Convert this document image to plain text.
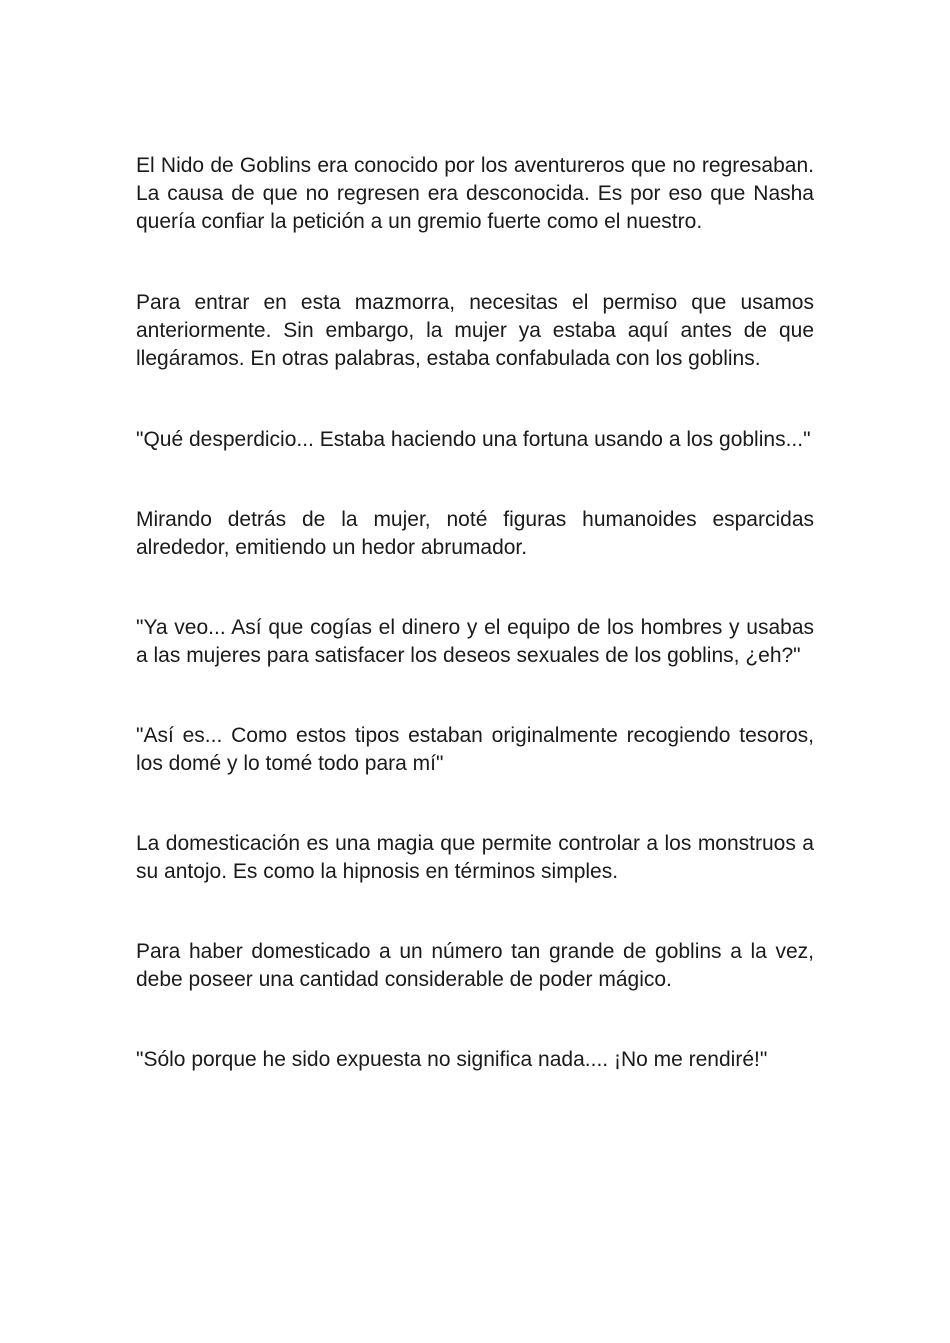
El Nido de Goblins era conocido por los aventureros que no regresaban. La causa de que no regresen era desconocida. Es por eso que Nasha quería confiar la petición a un gremio fuerte como el nuestro.

Para entrar en esta mazmorra, necesitas el permiso que usamos anteriormente. Sin embargo, la mujer ya estaba aquí antes de que llegáramos. En otras palabras, estaba confabulada con los goblins.

"Qué desperdicio... Estaba haciendo una fortuna usando a los goblins..."

Mirando detrás de la mujer, noté figuras humanoides esparcidas alrededor, emitiendo un hedor abrumador.

"Ya veo... Así que cogías el dinero y el equipo de los hombres y usabas a las mujeres para satisfacer los deseos sexuales de los goblins, ¿eh?"

"Así es... Como estos tipos estaban originalmente recogiendo tesoros, los domé y lo tomé todo para mí"

La domesticación es una magia que permite controlar a los monstruos a su antojo. Es como la hipnosis en términos simples.

Para haber domesticado a un número tan grande de goblins a la vez, debe poseer una cantidad considerable de poder mágico.

"Sólo porque he sido expuesta no significa nada.... ¡No me rendiré!"
